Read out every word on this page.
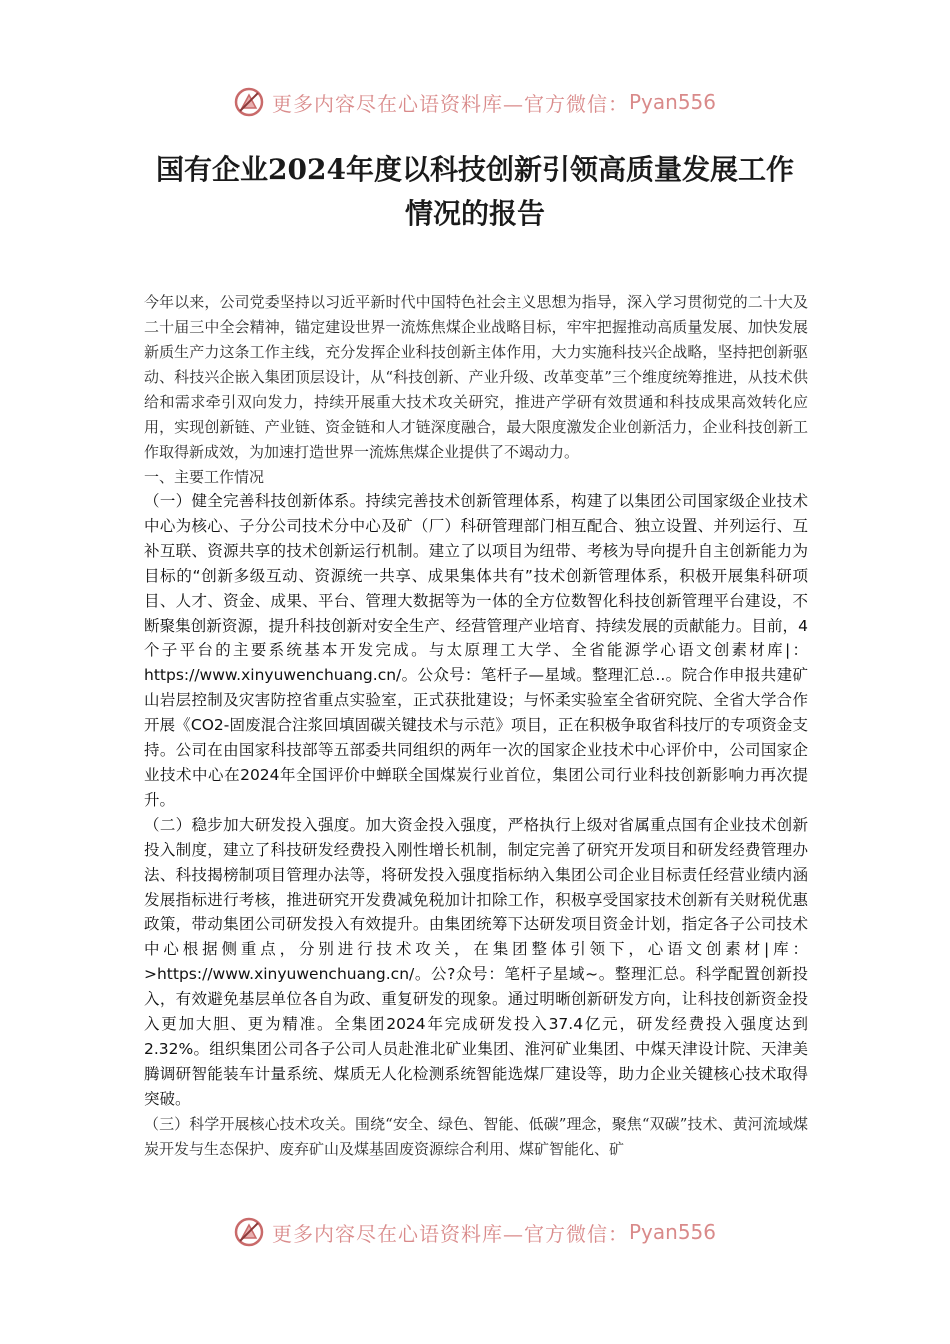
更多内容尽在心语资料库—官方微信： Pyan556
国有企业2024年度以科技创新引领高质量发展工作
情况的报告

今年以来，公司党委坚持以习近平新时代中国特色社会主义思想为指导，深入学习贯彻党的二十大及二十届三中全会精神，锚定建设世界一流炼焦煤企业战略目标，牢牢把握推动高质量发展、加快发展新质生产力这条工作主线，充分发挥企业科技创新主体作用，大力实施科技兴企战略，坚持把创新驱动、科技兴企嵌入集团顶层设计，从“科技创新、产业升级、改革变革”三个维度统筹推进，从技术供给和需求牵引双向发力，持续开展重大技术攻关研究，推进产学研有效贯通和科技成果高效转化应用，实现创新链、产业链、资金链和人才链深度融合，最大限度激发企业创新活力，企业科技创新工作取得新成效，为加速打造世界一流炼焦煤企业提供了不竭动力。

一、主要工作情况

（一）健全完善科技创新体系。持续完善技术创新管理体系，构建了以集团公司国家级企业技术中心为核心、子分公司技术分中心及矿（厂）科研管理部门相互配合、独立设置、并列运行、互补互联、资源共享的技术创新运行机制。建立了以项目为纽带、考核为导向提升自主创新能力为目标的“创新多级互动、资源统一共享、成果集体共有”技术创新管理体系，积极开展集科研项目、人才、资金、成果、平台、管理大数据等为一体的全方位数智化科技创新管理平台建设，不断聚集创新资源，提升科技创新对安全生产、经营管理产业培育、持续发展的贡献能力。目前，4个子平台的主要系统基本开发完成。与太原理工大学、全省能源学心语文创素材库|：https://www.xinyuwenchuang.cn/。公众号：笔杆子—星域。整理汇总..。院合作申报共建矿山岩层控制及灾害防控省重点实验室，正式获批建设；与怀柔实验室全省研究院、全省大学合作开展《CO2-固废混合注浆回填固碳关键技术与示范》项目，正在积极争取省科技厅的专项资金支持。公司在由国家科技部等五部委共同组织的两年一次的国家企业技术中心评价中，公司国家企业技术中心在2024年全国评价中蝉联全国煤炭行业首位，集团公司行业科技创新影响力再次提升。

（二）稳步加大研发投入强度。加大资金投入强度，严格执行上级对省属重点国有企业技术创新投入制度，建立了科技研发经费投入刚性增长机制，制定完善了研究开发项目和研发经费管理办法、科技揭榜制项目管理办法等，将研发投入强度指标纳入集团公司企业目标责任经营业绩内涵发展指标进行考核，推进研究开发费减免税加计扣除工作，积极享受国家技术创新有关财税优惠政策，带动集团公司研发投入有效提升。由集团统筹下达研发项目资金计划，指定各子公司技术中心根据侧重点，分别进行技术攻关，在集团整体引领下，心语文创素材|库：>https://www.xinyuwenchuang.cn/。公?众号：笔杆子星域~。整理汇总。科学配置创新投入，有效避免基层单位各自为政、重复研发的现象。通过明晰创新研发方向，让科技创新资金投入更加大胆、更为精准。全集团2024年完成研发投入37.4亿元，研发经费投入强度达到2.32%。组织集团公司各子公司人员赴淮北矿业集团、淮河矿业集团、中煤天津设计院、天津美腾调研智能装车计量系统、煤质无人化检测系统智能选煤厂建设等，助力企业关键核心技术取得突破。

（三）科学开展核心技术攻关。围绕“安全、绿色、智能、低碳”理念，聚焦“双碳”技术、黄河流域煤炭开发与生态保护、废弃矿山及煤基固废资源综合利用、煤矿智能化、矿

更多内容尽在心语资料库—官方微信： Pyan556
